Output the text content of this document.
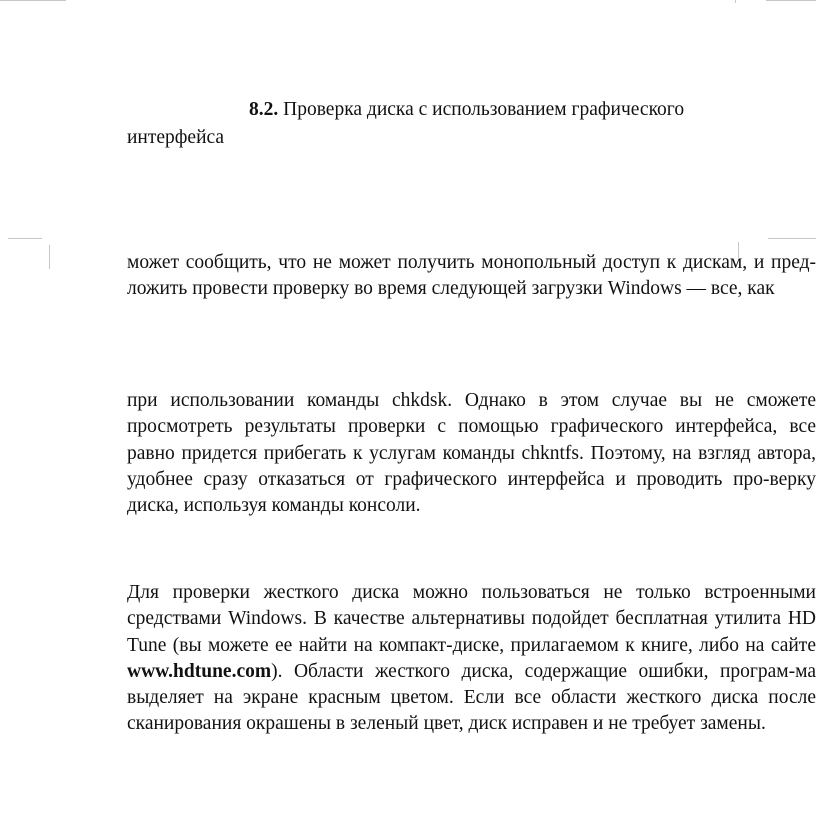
8.2. Проверка диска с использованием графического
интерфейса

может сообщить, что не может получить монопольный доступ к дискам, и пред-ложить провести проверку во время следующей загрузки Windows — все, как

при использовании команды chkdsk. Однако в этом случае вы не сможете просмотреть результаты проверки с помощью графического интерфейса, все равно придется прибегать к услугам команды chkntfs. Поэтому, на взгляд автора, удобнее сразу отказаться от графического интерфейса и проводить про-верку диска, используя команды консоли.

Для проверки жесткого диска можно пользоваться не только встроенными средствами Windows. В качестве альтернативы подойдет бесплатная утилита HD Tune (вы можете ее найти на компакт-диске, прилагаемом к книге, либо на сайте www.hdtune.com). Области жесткого диска, содержащие ошибки, програм-ма выделяет на экране красным цветом. Если все области жесткого диска после сканирования окрашены в зеленый цвет, диск исправен и не требует замены.
